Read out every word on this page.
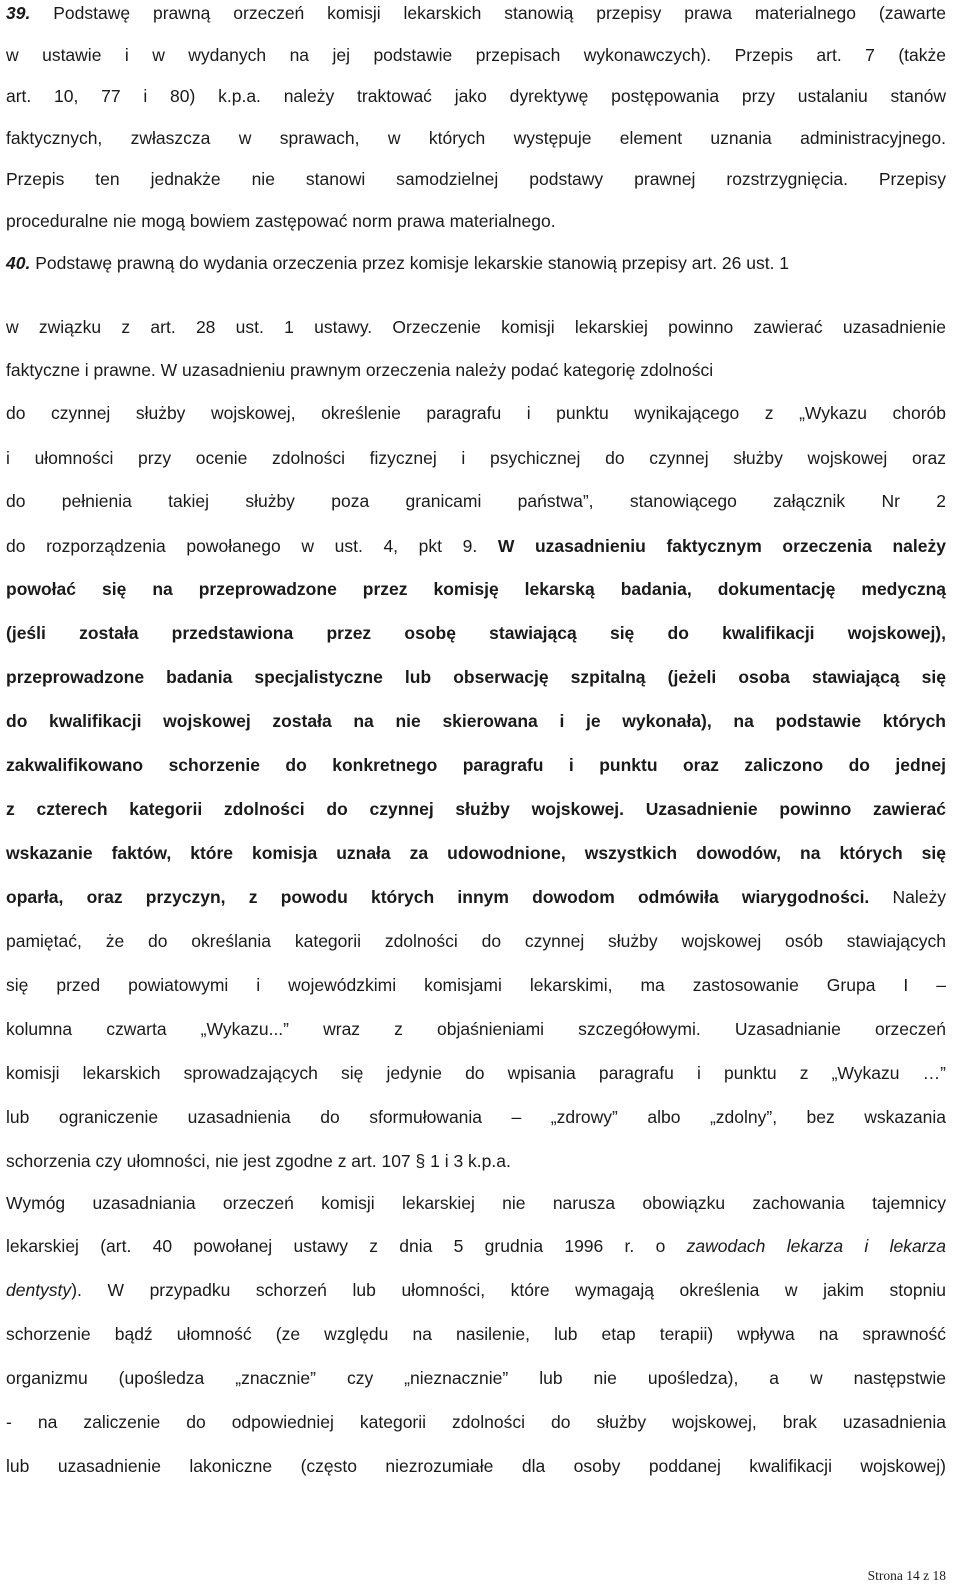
39. Podstawę prawną orzeczeń komisji lekarskich stanowią przepisy prawa materialnego (zawarte

w ustawie i w wydanych na jej podstawie przepisach wykonawczych). Przepis art. 7 (także

art. 10, 77 i 80) k.p.a. należy traktować jako dyrektywę postępowania przy ustalaniu stanów

faktycznych, zwłaszcza w sprawach, w których występuje element uznania administracyjnego.

Przepis ten jednakże nie stanowi samodzielnej podstawy prawnej rozstrzygnięcia. Przepisy

proceduralne nie mogą bowiem zastępować norm prawa materialnego.

40. Podstawę prawną do wydania orzeczenia przez komisje lekarskie stanowią przepisy art. 26 ust. 1

w związku z art. 28 ust. 1 ustawy. Orzeczenie komisji lekarskiej powinno zawierać uzasadnienie

faktyczne i prawne. W uzasadnieniu prawnym orzeczenia należy podać kategorię zdolności

do czynnej służby wojskowej, określenie paragrafu i punktu wynikającego z „Wykazu chorób

i ułomności przy ocenie zdolności fizycznej i psychicznej do czynnej służby wojskowej oraz

do pełnienia takiej służby poza granicami państwa”, stanowiącego załącznik Nr 2

do rozporządzenia powołanego w ust. 4, pkt 9. W uzasadnieniu faktycznym orzeczenia należy

powołać się na przeprowadzone przez komisję lekarską badania, dokumentację medyczną

(jeśli została przedstawiona przez osobę stawiającą się do kwalifikacji wojskowej),

przeprowadzone badania specjalistyczne lub obserwację szpitalną (jeżeli osoba stawiającą się

do kwalifikacji wojskowej została na nie skierowana i je wykonała), na podstawie których

zakwalifikowano schorzenie do konkretnego paragrafu i punktu oraz zaliczono do jednej

z czterech kategorii zdolności do czynnej służby wojskowej. Uzasadnienie powinno zawierać

wskazanie faktów, które komisja uznała za udowodnione, wszystkich dowodów, na których się

oparła, oraz przyczyn, z powodu których innym dowodom odmówiła wiarygodności. Należy

pamiętać, że do określania kategorii zdolności do czynnej służby wojskowej osób stawiających

się przed powiatowymi i wojewódzkimi komisjami lekarskimi, ma zastosowanie Grupa I –

kolumna czwarta „Wykazu...” wraz z objaśnieniami szczegółowymi. Uzasadnianie orzeczeń

komisji lekarskich sprowadzających się jedynie do wpisania paragrafu i punktu z „Wykazu …”

lub ograniczenie uzasadnienia do sformułowania – „zdrowy” albo „zdolny”, bez wskazania

schorzenia czy ułomności, nie jest zgodne z art. 107 § 1 i 3 k.p.a.

Wymóg uzasadniania orzeczeń komisji lekarskiej nie narusza obowiązku zachowania tajemnicy

lekarskiej (art. 40 powołanej ustawy z dnia 5 grudnia 1996 r. o zawodach lekarza i lekarza

dentysty). W przypadku schorzeń lub ułomności, które wymagają określenia w jakim stopniu

schorzenie bądź ułomność (ze względu na nasilenie, lub etap terapii) wpływa na sprawność

organizmu (upośledza „znacznie” czy „nieznacznie” lub nie upośledza), a w następstwie

- na zaliczenie do odpowiedniej kategorii zdolności do służby wojskowej, brak uzasadnienia

lub uzasadnienie lakoniczne (często niezrozumiałe dla osoby poddanej kwalifikacji wojskowej)

Strona 14 z 18
